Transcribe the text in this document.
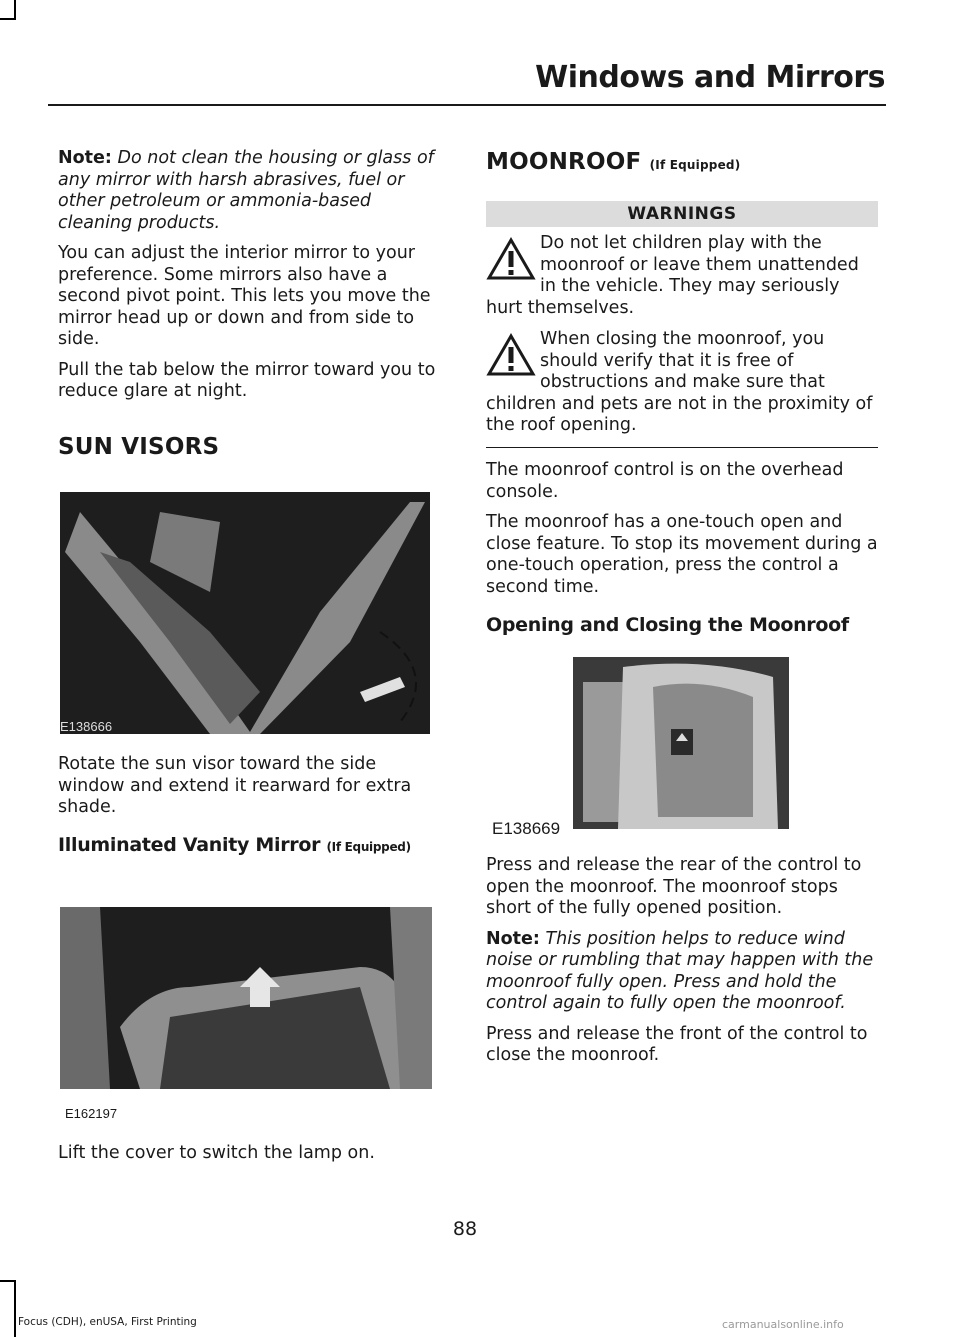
Windows and Mirrors

Note: Do not clean the housing or glass of any mirror with harsh abrasives, fuel or other petroleum or ammonia-based cleaning products.

You can adjust the interior mirror to your preference. Some mirrors also have a second pivot point. This lets you move the mirror head up or down and from side to side.

Pull the tab below the mirror toward you to reduce glare at night.

SUN VISORS
E138666

Rotate the sun visor toward the side window and extend it rearward for extra shade.

Illuminated Vanity Mirror (If Equipped)
E162197

Lift the cover to switch the lamp on.

MOONROOF (If Equipped)
WARNINGS

Do not let children play with the moonroof or leave them unattended in the vehicle. They may seriously hurt themselves.

When closing the moonroof, you should verify that it is free of obstructions and make sure that children and pets are not in the proximity of the roof opening.

The moonroof control is on the overhead console.

The moonroof has a one-touch open and close feature. To stop its movement during a one-touch operation, press the control a second time.

Opening and Closing the Moonroof
E138669

Press and release the rear of the control to open the moonroof. The moonroof stops short of the fully opened position.

Note: This position helps to reduce wind noise or rumbling that may happen with the moonroof fully open. Press and hold the control again to fully open the moonroof.

Press and release the front of the control to close the moonroof.

88
Focus (CDH), enUSA, First Printing	carmanualsonline.info
